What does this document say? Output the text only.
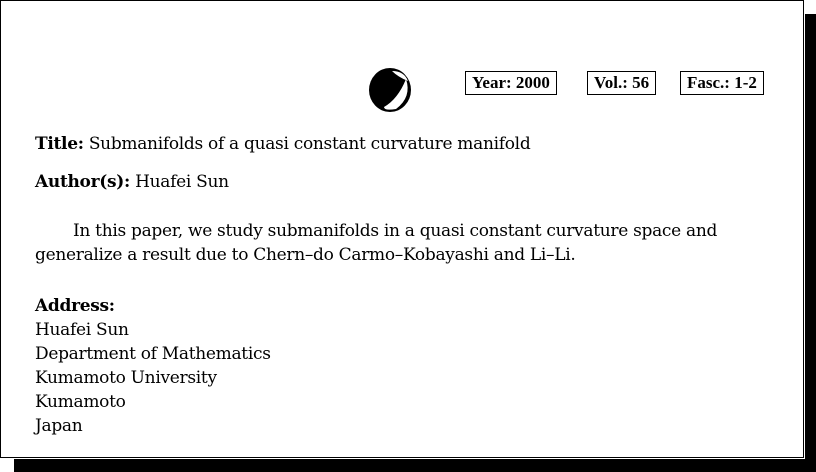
Year: 2000	Vol.: 56	Fasc.: 1-2
Title: Submanifolds of a quasi constant curvature manifold
Author(s): Huafei Sun
In this paper, we study submanifolds in a quasi constant curvature space and generalize a result due to Chern–do Carmo–Kobayashi and Li–Li.
Address:
Huafei Sun
Department of Mathematics
Kumamoto University
Kumamoto
Japan
